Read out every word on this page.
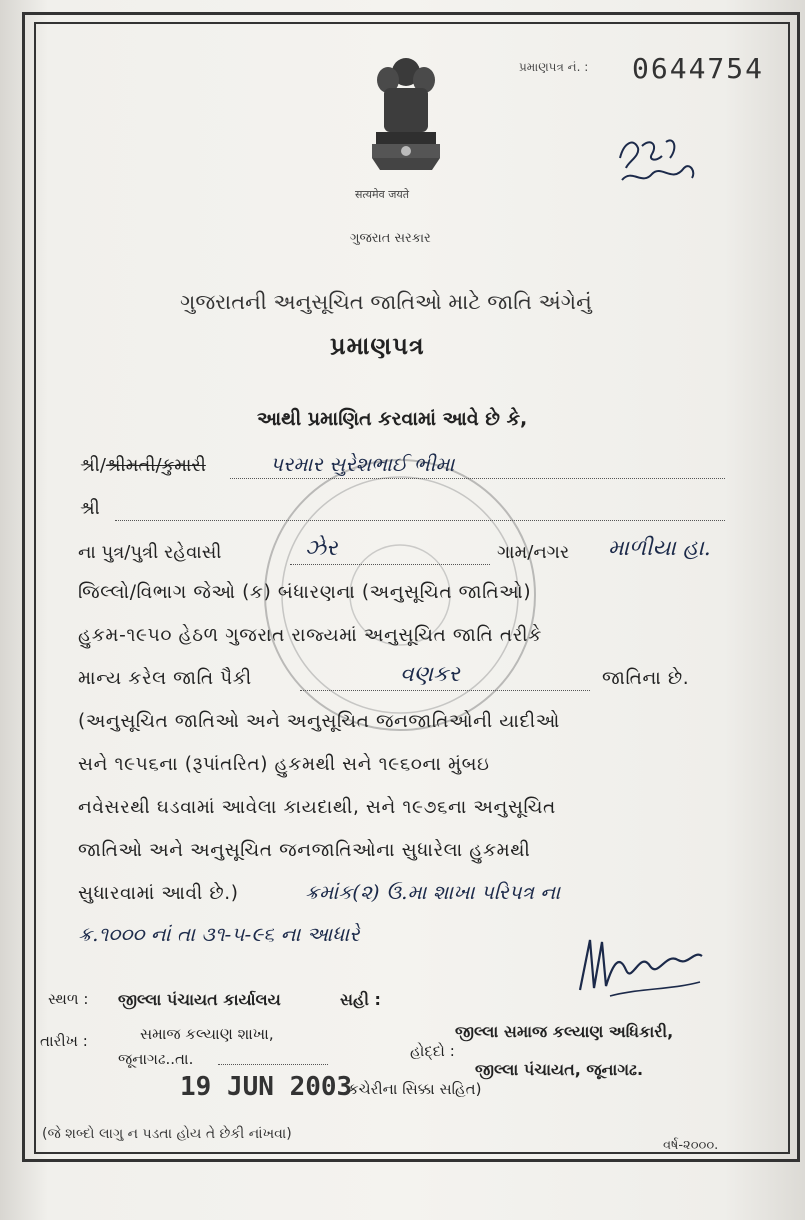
सत्यमेव जयते
ગુજરાત સરકાર
પ્રમાણપત્ર નં. : 0644754
ગુજરાતની અનુસૂચિત જાતિઓ માટે જાતિ અંગેનું
પ્રમાણપત્ર
આથી પ્રમાણિત કરવામાં આવે છે કે,
શ્રી/શ્રીમતી/કુમારી	પરમાર સુરેશભાઈ ભીમા
શ્રી
ના પુત્ર/પુત્રી રહેવાસી	ઝેર	ગામ/નગર માળીયા હા.
જિલ્લો/વિભાગ જેઓ (ક) બંધારણના (અનુસૂચિત જાતિઓ)
હુકમ-૧૯૫૦ હેઠળ ગુજરાત રાજ્યમાં અનુસૂચિત જાતિ તરીકે
માન્ય કરેલ જાતિ પૈકી	વણકર	જાતિના છે.
(અનુસૂચિત જાતિઓ અને અનુસૂચિત જનજાતિઓની યાદીઓ
સને ૧૯૫૬ના (રૂપાંતરિત) હુકમથી સને ૧૯૬૦ના મુંબઇ
નવેસરથી ઘડવામાં આવેલા કાયદાથી, સને ૧૯૭૬ના અનુસૂચિત
જાતિઓ અને અનુસૂચિત જનજાતિઓના સુધારેલા હુકમથી
સુધારવામાં આવી છે.)	ક્રમાંક(૨) ઉ.મા શાખા પરિપત્ર ના
ક્ર.૧૦૦૦ નાં તા ૩૧-૫-૯૬ ના આધારે
સ્થળ : જીલ્લા પંચાયત કાર્યાલય	સહી :
તારીખ :	સમાજ કલ્યાણ શાખા,
જૂનાગઢ..તા.	હોદ્દો :
જીલ્લા સમાજ કલ્યાણ અધિકારી,
જીલ્લા પંચાયત, જૂનાગઢ.
19 JUN 2003
કચેરીના સિક્કા સહિત)
(જે શબ્દો લાગુ ન પડતા હોય તે છેકી નાંખવા)
વર્ષ-૨૦૦૦.
